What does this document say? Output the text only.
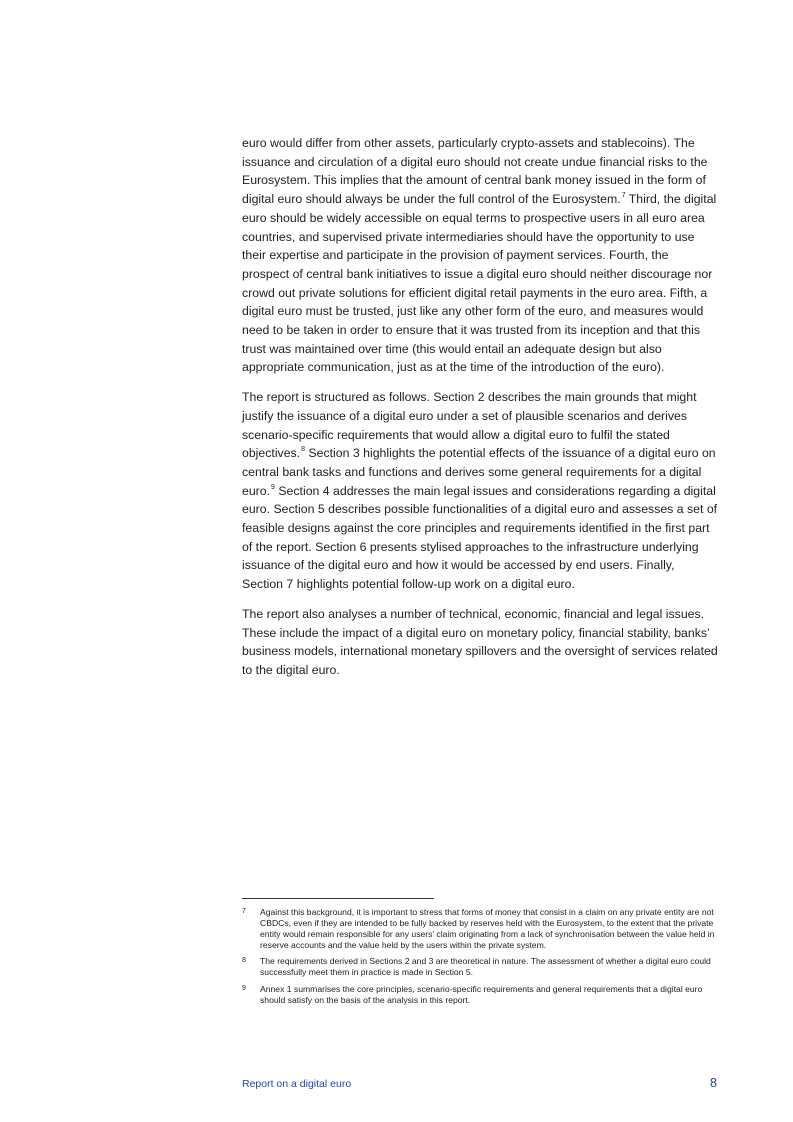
euro would differ from other assets, particularly crypto-assets and stablecoins). The issuance and circulation of a digital euro should not create undue financial risks to the Eurosystem. This implies that the amount of central bank money issued in the form of digital euro should always be under the full control of the Eurosystem.$^7$ Third, the digital euro should be widely accessible on equal terms to prospective users in all euro area countries, and supervised private intermediaries should have the opportunity to use their expertise and participate in the provision of payment services. Fourth, the prospect of central bank initiatives to issue a digital euro should neither discourage nor crowd out private solutions for efficient digital retail payments in the euro area. Fifth, a digital euro must be trusted, just like any other form of the euro, and measures would need to be taken in order to ensure that it was trusted from its inception and that this trust was maintained over time (this would entail an adequate design but also appropriate communication, just as at the time of the introduction of the euro).

The report is structured as follows. Section 2 describes the main grounds that might justify the issuance of a digital euro under a set of plausible scenarios and derives scenario-specific requirements that would allow a digital euro to fulfil the stated objectives.$^8$ Section 3 highlights the potential effects of the issuance of a digital euro on central bank tasks and functions and derives some general requirements for a digital euro.$^9$ Section 4 addresses the main legal issues and considerations regarding a digital euro. Section 5 describes possible functionalities of a digital euro and assesses a set of feasible designs against the core principles and requirements identified in the first part of the report. Section 6 presents stylised approaches to the infrastructure underlying issuance of the digital euro and how it would be accessed by end users. Finally, Section 7 highlights potential follow-up work on a digital euro.

The report also analyses a number of technical, economic, financial and legal issues. These include the impact of a digital euro on monetary policy, financial stability, banks’ business models, international monetary spillovers and the oversight of services related to the digital euro.

7	Against this background, it is important to stress that forms of money that consist in a claim on any private entity are not CBDCs, even if they are intended to be fully backed by reserves held with the Eurosystem, to the extent that the private entity would remain responsible for any users’ claim originating from a lack of synchronisation between the value held in reserve accounts and the value held by the users within the private system.
8	The requirements derived in Sections 2 and 3 are theoretical in nature. The assessment of whether a digital euro could successfully meet them in practice is made in Section 5.
9	Annex 1 summarises the core principles, scenario-specific requirements and general requirements that a digital euro should satisfy on the basis of the analysis in this report.
Report on a digital euro	8
